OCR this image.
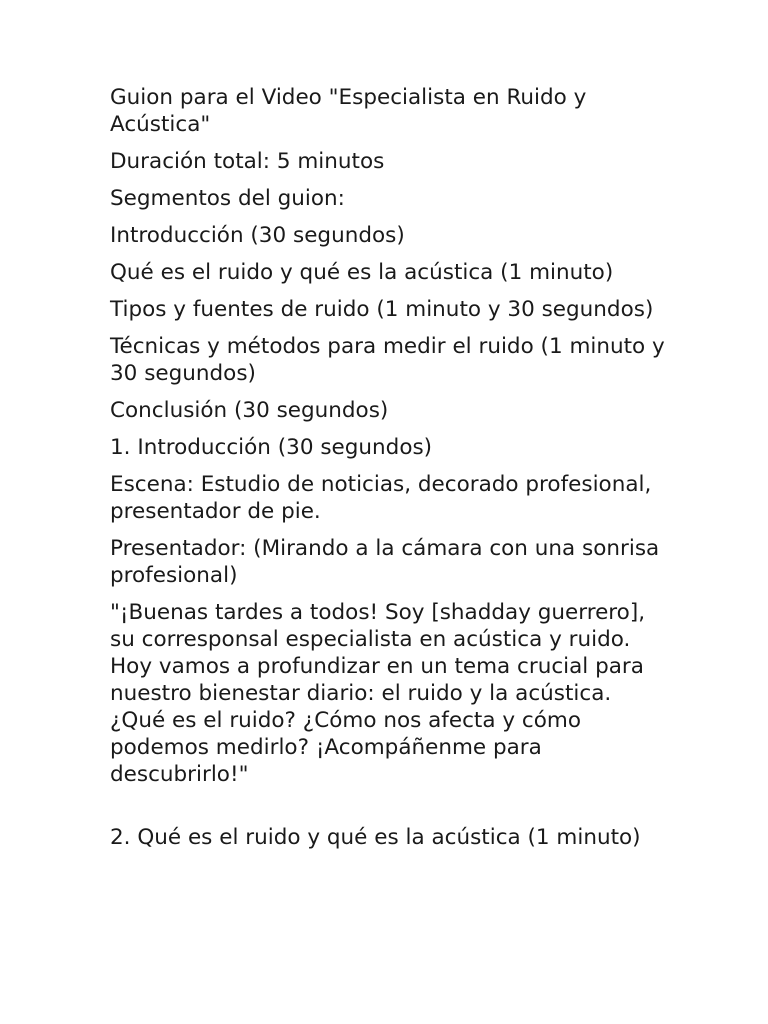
Guion para el Video "Especialista en Ruido y Acústica"

Duración total: 5 minutos

Segmentos del guion:

Introducción (30 segundos)

Qué es el ruido y qué es la acústica (1 minuto)

Tipos y fuentes de ruido (1 minuto y 30 segundos)

Técnicas y métodos para medir el ruido (1 minuto y 30 segundos)

Conclusión (30 segundos)

1. Introducción (30 segundos)

Escena: Estudio de noticias, decorado profesional, presentador de pie.

Presentador: (Mirando a la cámara con una sonrisa profesional)

"¡Buenas tardes a todos! Soy [shadday guerrero], su corresponsal especialista en acústica y ruido. Hoy vamos a profundizar en un tema crucial para nuestro bienestar diario: el ruido y la acústica. ¿Qué es el ruido? ¿Cómo nos afecta y cómo podemos medirlo? ¡Acompáñenme para descubrirlo!"

2. Qué es el ruido y qué es la acústica (1 minuto)
